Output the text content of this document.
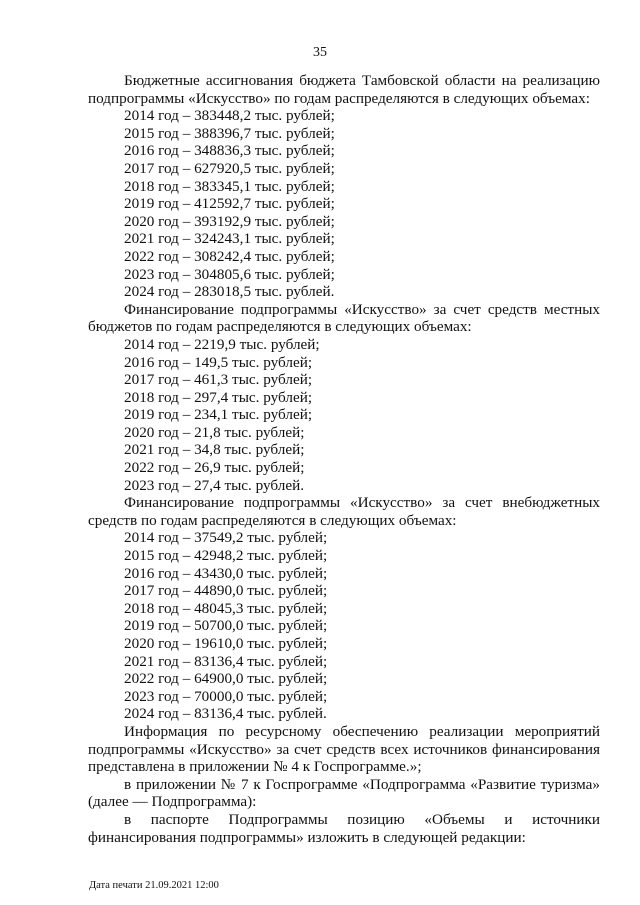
35

Бюджетные ассигнования бюджета Тамбовской области на реализацию

подпрограммы «Искусство» по годам распределяются в следующих объемах:

2014 год – 383448,2 тыс. рублей;
2015 год – 388396,7 тыс. рублей;
2016 год – 348836,3 тыс. рублей;
2017 год – 627920,5 тыс. рублей;
2018 год – 383345,1 тыс. рублей;
2019 год – 412592,7 тыс. рублей;
2020 год – 393192,9 тыс. рублей;
2021 год – 324243,1 тыс. рублей;
2022 год – 308242,4 тыс. рублей;
2023 год – 304805,6 тыс. рублей;
2024 год – 283018,5 тыс. рублей.

Финансирование подпрограммы «Искусство» за счет средств местных

бюджетов по годам распределяются в следующих объемах:

2014 год – 2219,9 тыс. рублей;
2016 год – 149,5 тыс. рублей;
2017 год – 461,3 тыс. рублей;
2018 год – 297,4 тыс. рублей;
2019 год – 234,1 тыс. рублей;
2020 год – 21,8 тыс. рублей;
2021 год – 34,8 тыс. рублей;
2022 год – 26,9 тыс. рублей;
2023 год – 27,4 тыс. рублей.

Финансирование подпрограммы «Искусство» за счет внебюджетных

средств по годам распределяются в следующих объемах:

2014 год – 37549,2 тыс. рублей;
2015 год – 42948,2 тыс. рублей;
2016 год – 43430,0 тыс. рублей;
2017 год – 44890,0 тыс. рублей;
2018 год – 48045,3 тыс. рублей;
2019 год – 50700,0 тыс. рублей;
2020 год – 19610,0 тыс. рублей;
2021 год – 83136,4 тыс. рублей;
2022 год – 64900,0 тыс. рублей;
2023 год – 70000,0 тыс. рублей;
2024 год – 83136,4 тыс. рублей.

Информация по ресурсному обеспечению реализации мероприятий

подпрограммы «Искусство» за счет средств всех источников финансирования

представлена в приложении № 4 к Госпрограмме.»;

в приложении № 7 к Госпрограмме «Подпрограмма «Развитие туризма»

(далее — Подпрограмма):

в паспорте Подпрограммы позицию «Объемы и источники

финансирования подпрограммы» изложить в следующей редакции:

Дата печати 21.09.2021 12:00
